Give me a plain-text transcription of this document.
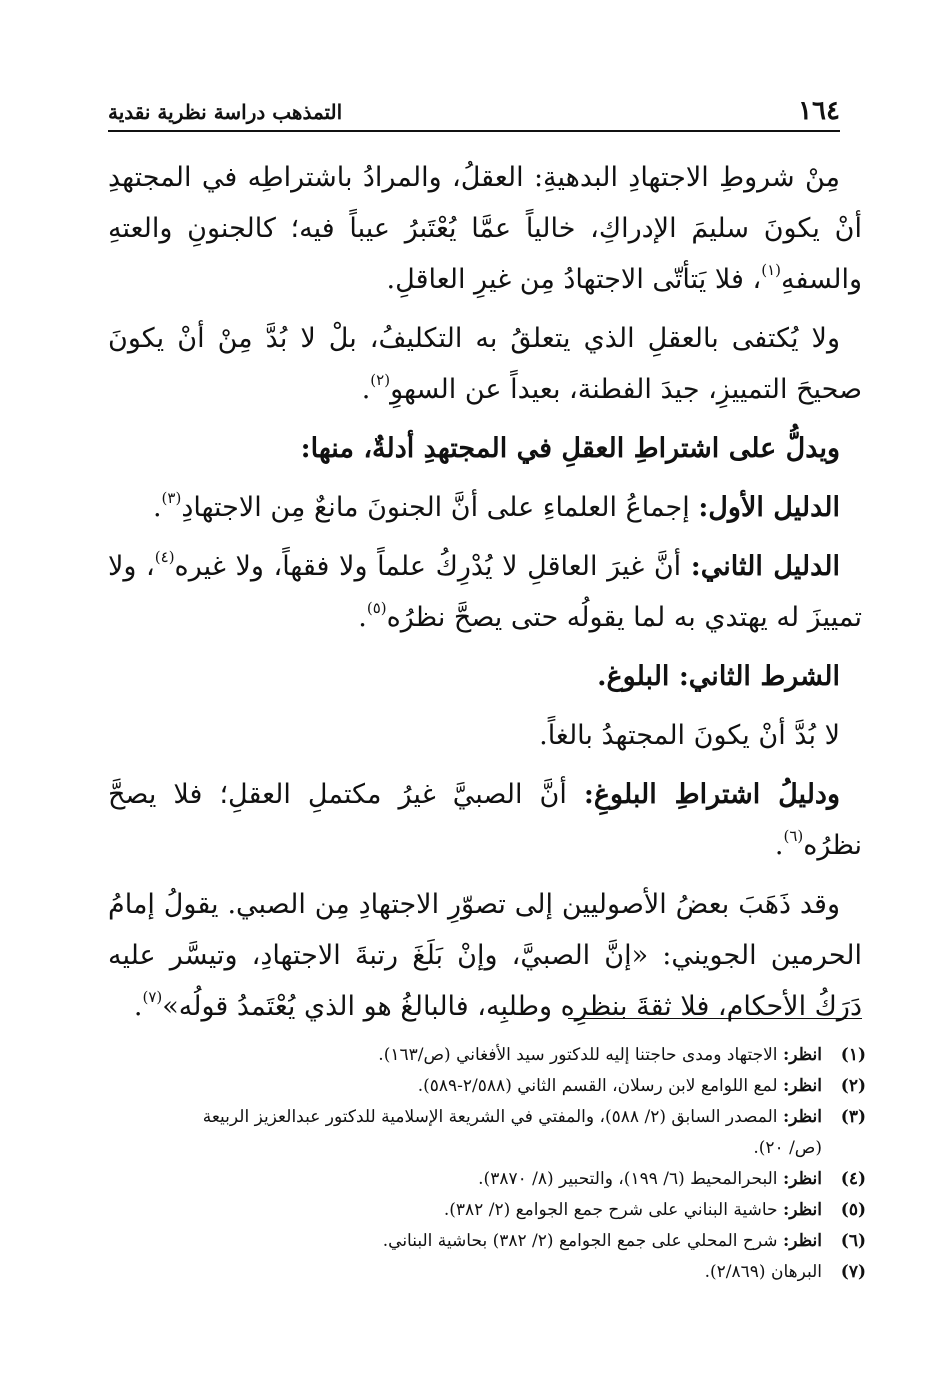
١٦٤
التمذهب دراسة نظرية نقدية

مِنْ شروطِ الاجتهادِ البدهيةِ: العقلُ، والمرادُ باشتراطِه في المجتهدِ أنْ يكونَ سليمَ الإدراكِ، خالياً عمَّا يُعْتَبرُ عيباً فيه؛ كالجنونِ والعتهِ والسفهِ$^{(١)}$، فلا يَتأتّى الاجتهادُ مِن غيرِ العاقلِ.

ولا يُكتفى بالعقلِ الذي يتعلقُ به التكليفُ، بلْ لا بُدَّ مِنْ أنْ يكونَ صحيحَ التمييزِ، جيدَ الفطنة، بعيداً عن السهوِ$^{(٢)}$.

ويدلُّ على اشتراطِ العقلِ في المجتهدِ أدلةٌ، منها:

الدليل الأول: إجماعُ العلماءِ على أنَّ الجنونَ مانعٌ مِن الاجتهادِ$^{(٣)}$.

الدليل الثاني: أنَّ غيرَ العاقلِ لا يُدْرِكُ علماً ولا فقهاً، ولا غيره$^{(٤)}$، ولا تمييزَ له يهتدي به لما يقولُه حتى يصحَّ نظرُه$^{(٥)}$.

الشرط الثاني: البلوغ.

لا بُدَّ أنْ يكونَ المجتهدُ بالغاً.

ودليلُ اشتراطِ البلوغِ: أنَّ الصبيَّ غيرُ مكتملِ العقلِ؛ فلا يصحَّ نظرُه$^{(٦)}$.

وقد ذَهَبَ بعضُ الأصوليين إلى تصوّرِ الاجتهادِ مِن الصبي. يقولُ إمامُ الحرمين الجويني: «إنَّ الصبيَّ، وإنْ بَلَغَ رتبةَ الاجتهادِ، وتيسَّر عليه دَرَكُ الأحكام، فلا ثقةَ بنظرِه وطلبِه، فالبالغُ هو الذي يُعْتَمدُ قولُه»$^{(٧)}$.

(١)
انظر: الاجتهاد ومدى حاجتنا إليه للدكتور سيد الأفغاني (ص/١٦٣).
(٢)
انظر: لمع اللوامع لابن رسلان، القسم الثاني (٢/٥٨٨-٥٨٩).
(٣)
انظر: المصدر السابق (٢/ ٥٨٨)، والمفتي في الشريعة الإسلامية للدكتور عبدالعزيز الربيعة
(ص/ ٢٠).
(٤)
انظر: البحرالمحيط (٦/ ١٩٩)، والتحبير (٨/ ٣٨٧٠).
(٥)
انظر: حاشية البناني على شرح جمع الجوامع (٢/ ٣٨٢).
(٦)
انظر: شرح المحلي على جمع الجوامع (٢/ ٣٨٢) بحاشية البناني.
(٧)
البرهان (٢/٨٦٩).
